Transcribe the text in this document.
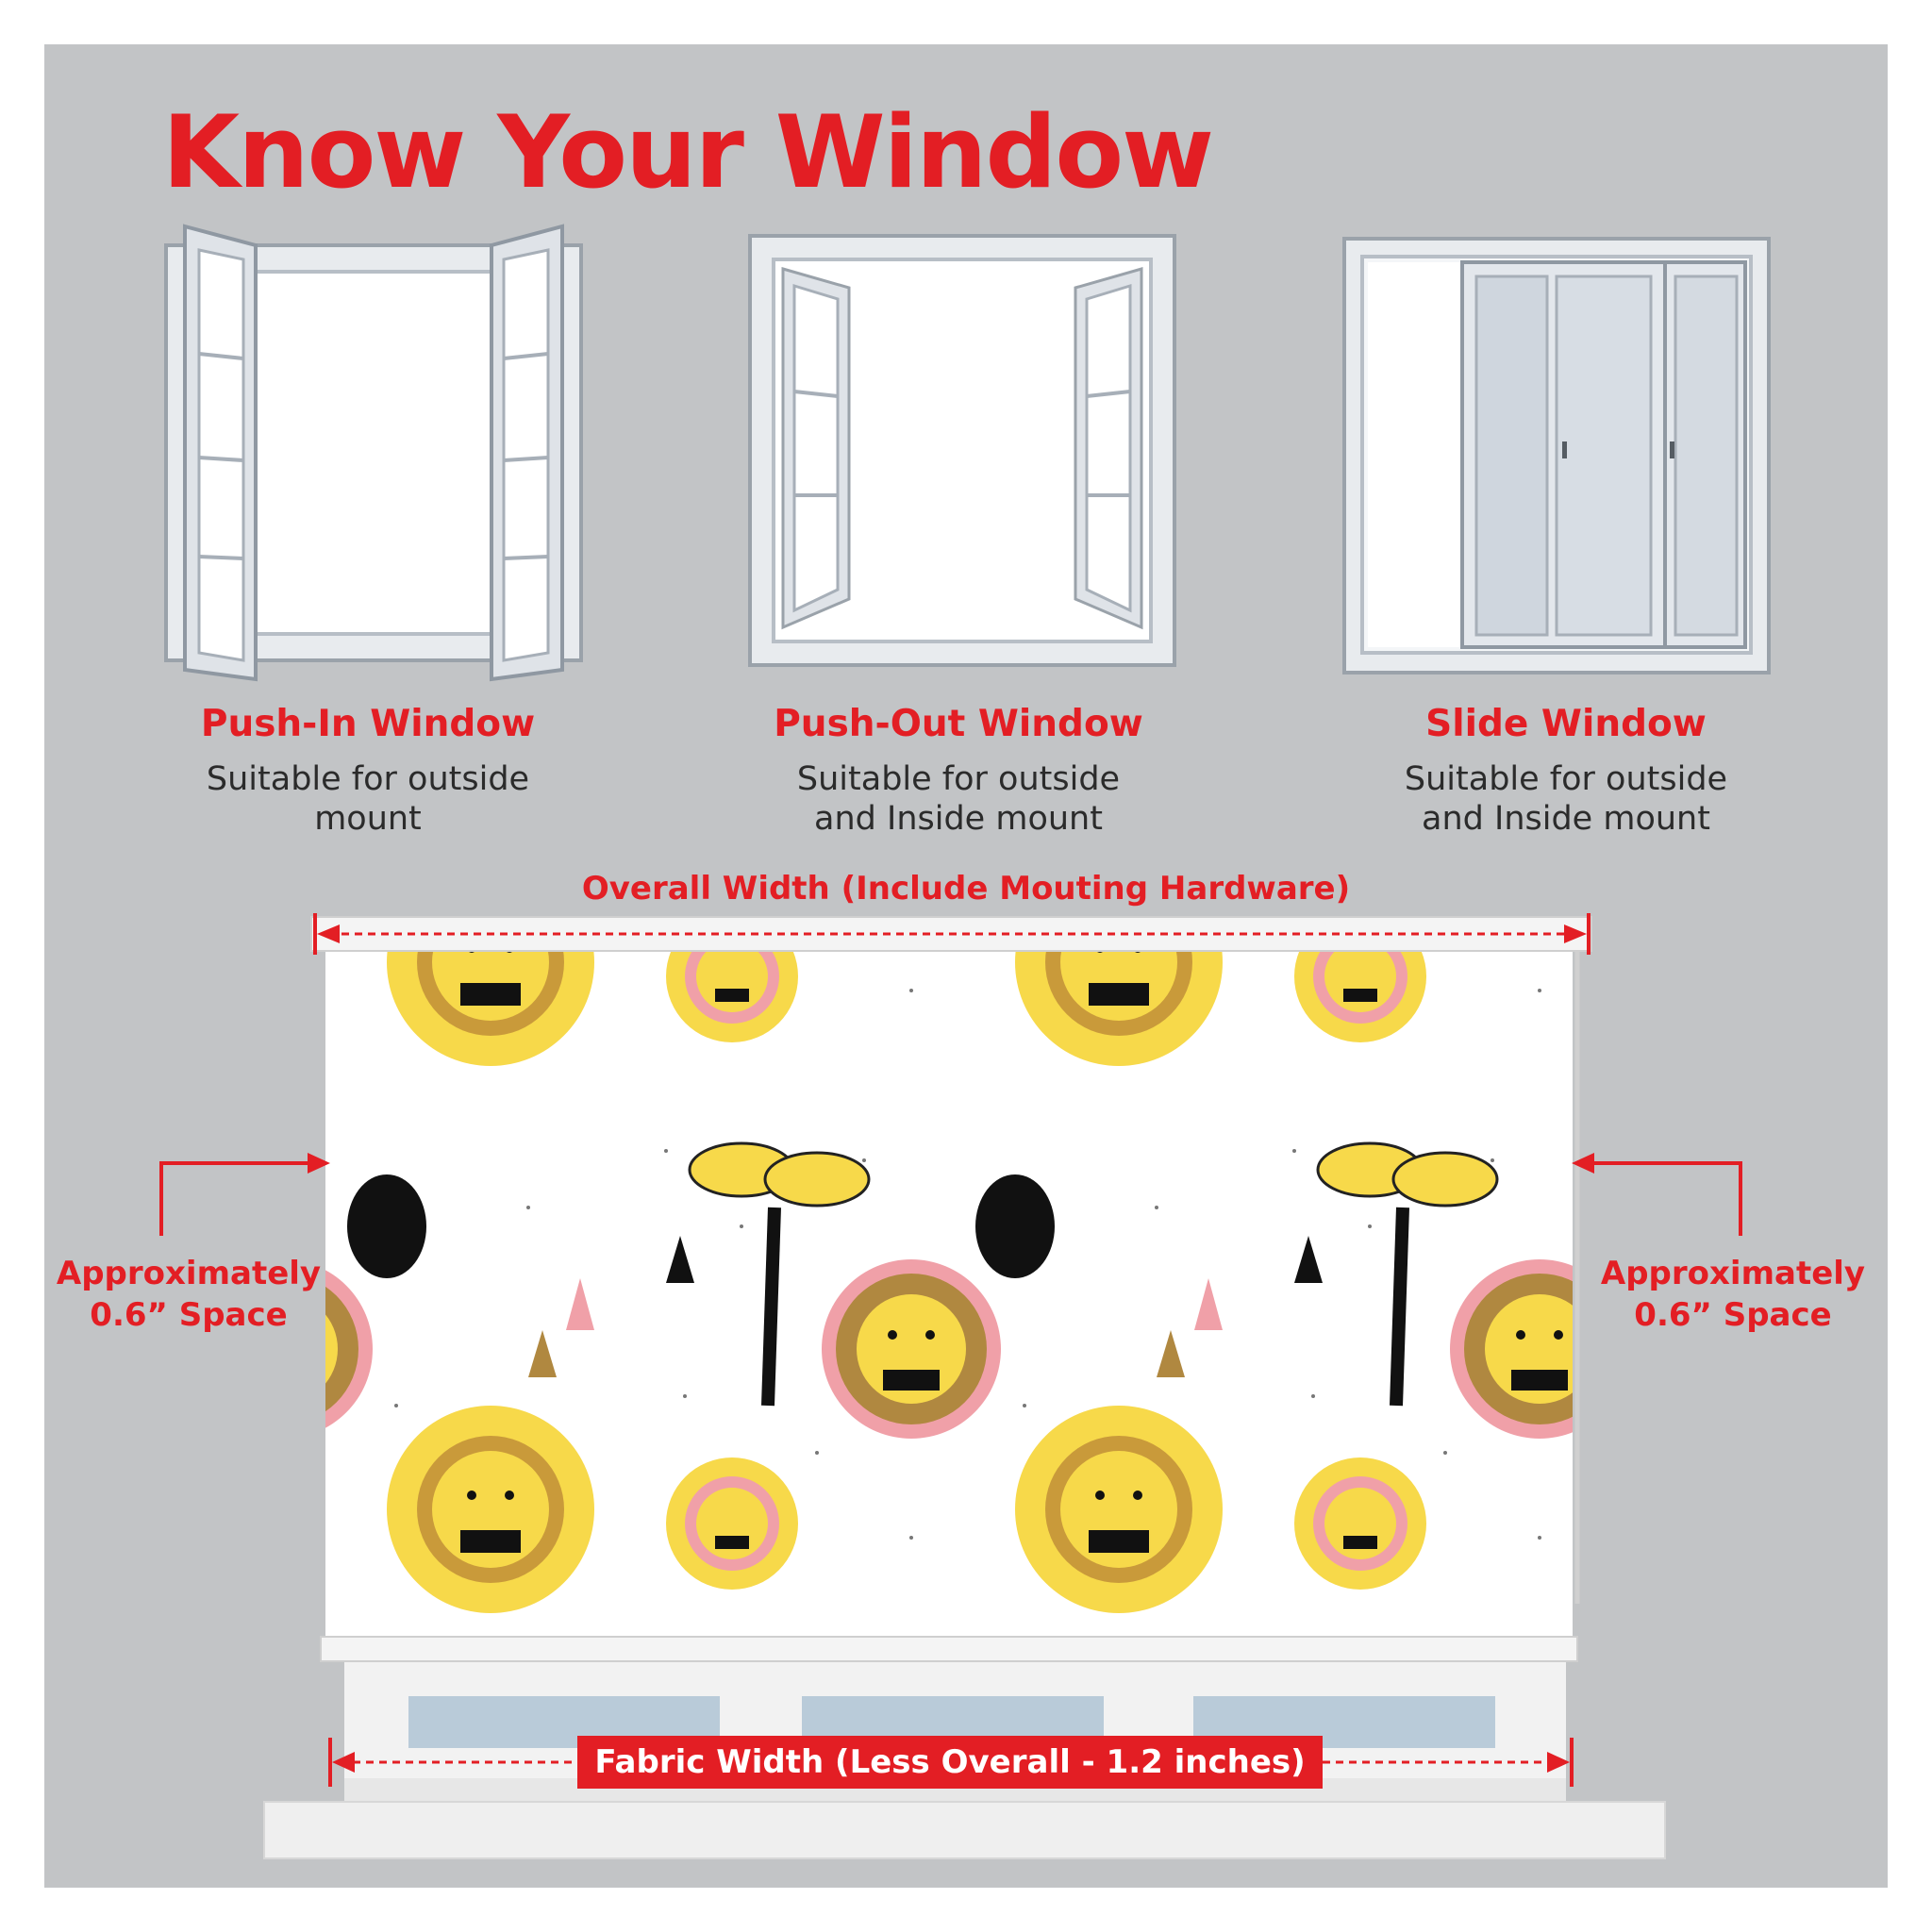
Know Your Window
Push-In Window
Suitable for outside
mount
Push-Out Window
Suitable for outside
and Inside mount
Slide Window
Suitable for outside
and Inside mount
Overall Width (Include Mouting Hardware)
Approximately
0.6” Space
Approximately
0.6” Space
Fabric Width (Less Overall - 1.2 inches)
